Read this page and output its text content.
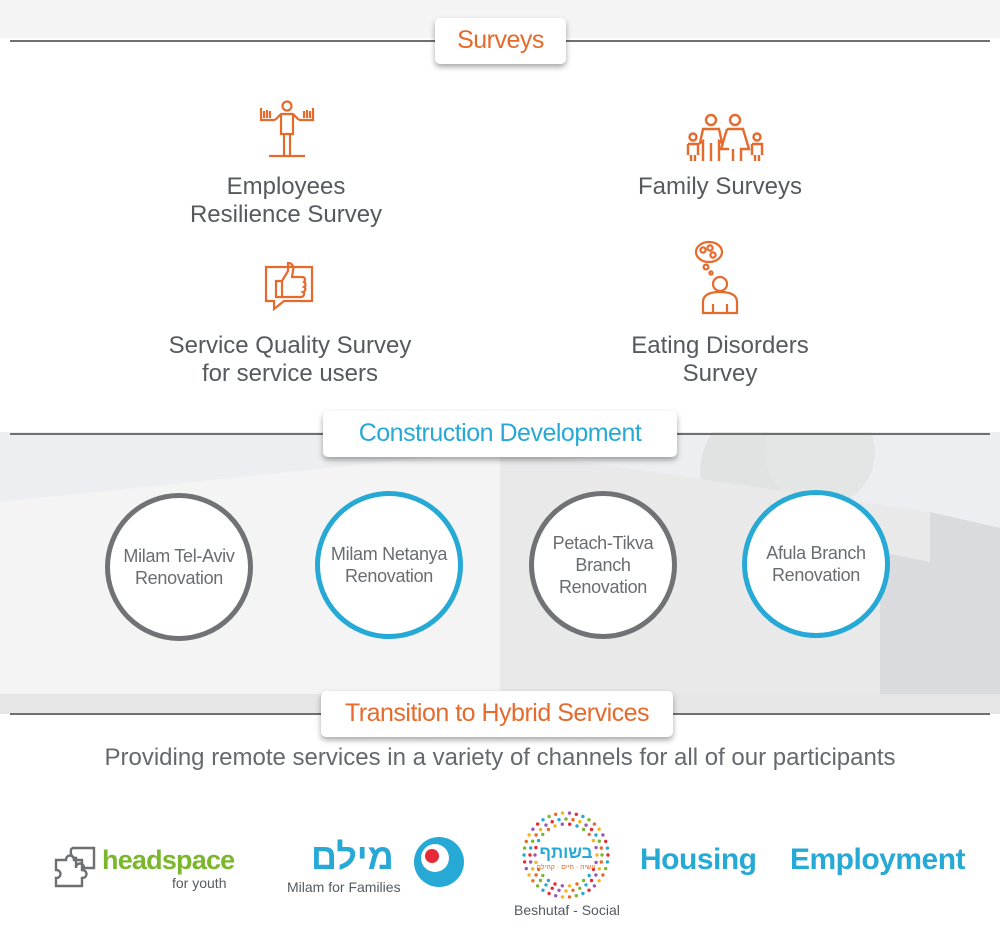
Surveys
Employees
Resilience Survey
Family Surveys
Service Quality Survey
for service users
Eating Disorders
Survey
Construction Development
Milam Tel-Aviv
Renovation
Milam Netanya
Renovation
Petach-Tikva
Branch
Renovation
Afula Branch
Renovation
Transition to Hybrid Services
Providing remote services in a variety of channels for all of our participants
headspace
for youth
מילם
Milam for Families
בשותף
עשיה · חיים · קהילה
Beshutaf - Social
Housing Employment
